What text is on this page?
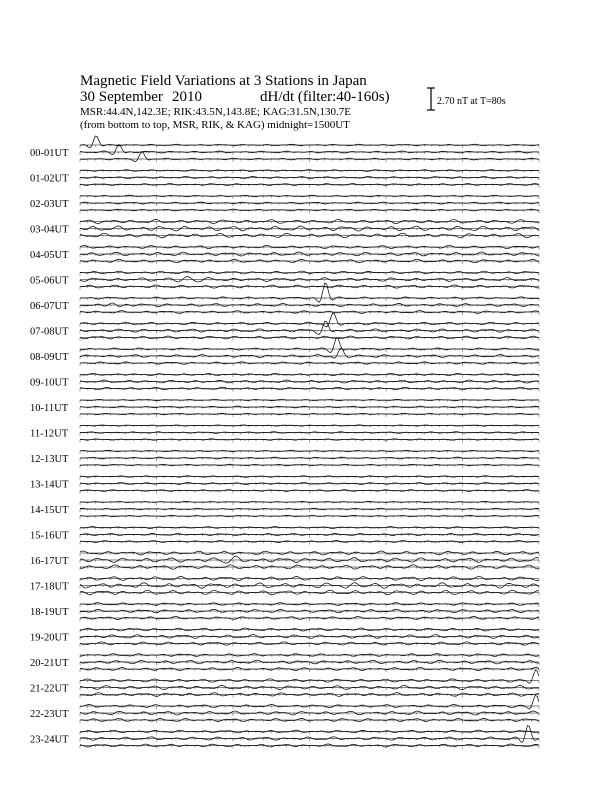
Magnetic Field Variations at 3 Stations in Japan
30 September 2010	dH/dt (filter:40-160s)
MSR:44.4N,142.3E; RIK:43.5N,143.8E; KAG:31.5N,130.7E
(from bottom to top, MSR, RIK, & KAG) midnight=1500UT
2.70 nT at T=80s
00-01UT
01-02UT
02-03UT
03-04UT
04-05UT
05-06UT
06-07UT
07-08UT
08-09UT
09-10UT
10-11UT
11-12UT
12-13UT
13-14UT
14-15UT
15-16UT
16-17UT
17-18UT
18-19UT
19-20UT
20-21UT
21-22UT
22-23UT
23-24UT
